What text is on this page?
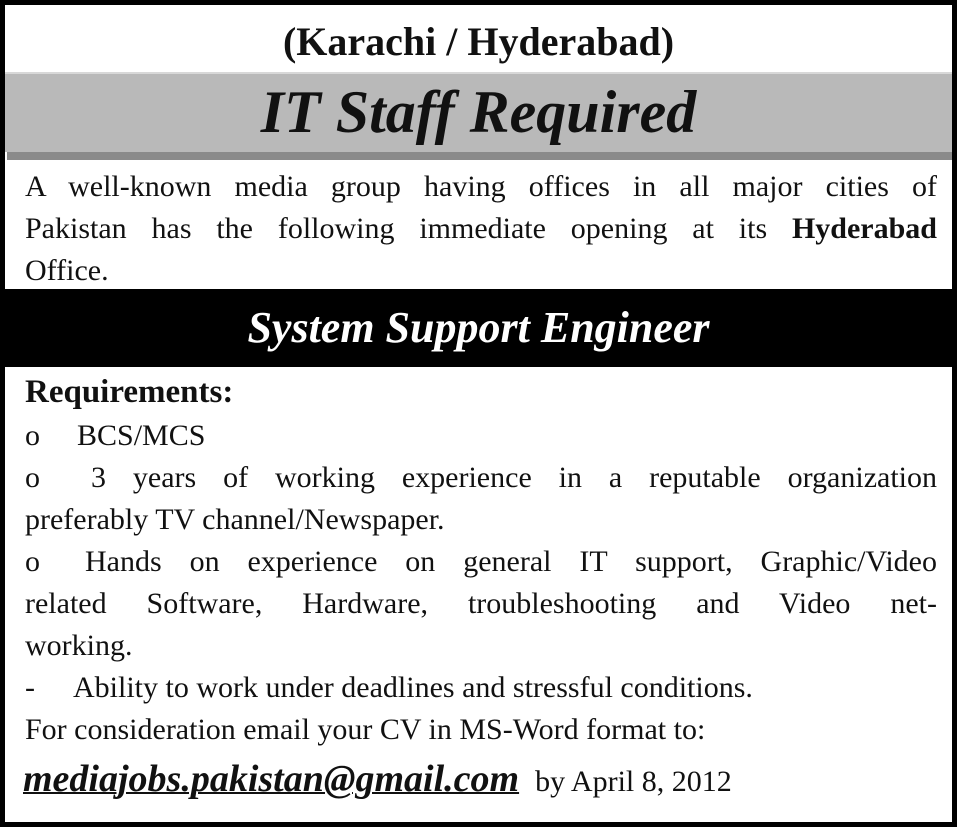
(Karachi / Hyderabad)
IT Staff Required
A well-known media group having offices in all major cities of
Pakistan has the following immediate opening at its Hyderabad
Office.
System Support Engineer
Requirements:
o BCS/MCS
o	3 years of working experience in a reputable organization
preferably TV channel/Newspaper.
o	Hands on experience on general IT support, Graphic/Video
related Software, Hardware, troubleshooting and Video net-
working.
- Ability to work under deadlines and stressful conditions.
For consideration email your CV in MS-Word format to:
mediajobs.pakistan@gmail.com by April 8, 2012
